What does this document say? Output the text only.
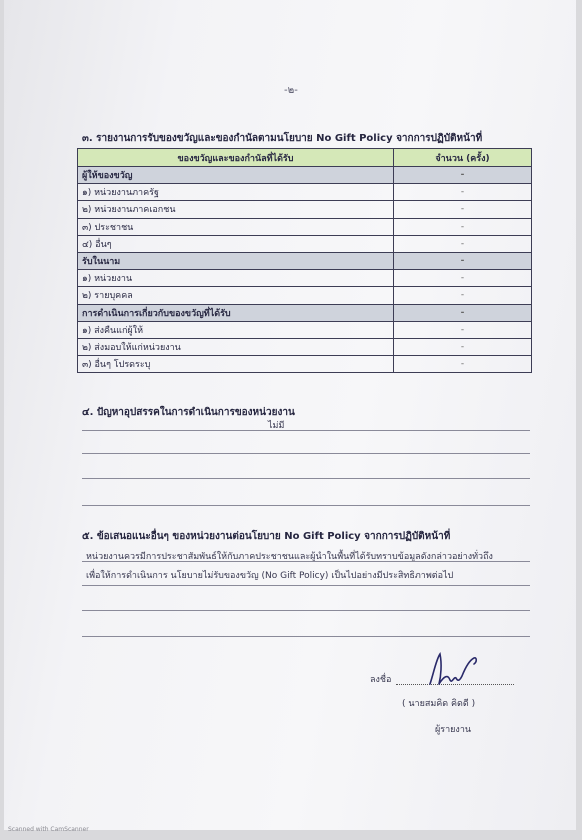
-๒-
๓. รายงานการรับของขวัญและของกำนัลตามนโยบาย No Gift Policy จากการปฏิบัติหน้าที่
ของขวัญและของกำนัลที่ได้รับ	จำนวน (ครั้ง)
ผู้ให้ของขวัญ	-
๑) หน่วยงานภาครัฐ	-
๒) หน่วยงานภาคเอกชน	-
๓) ประชาชน	-
๔) อื่นๆ	-
รับในนาม	-
๑) หน่วยงาน	-
๒) รายบุคคล	-
การดำเนินการเกี่ยวกับของขวัญที่ได้รับ	-
๑) ส่งคืนแก่ผู้ให้	-
๒) ส่งมอบให้แก่หน่วยงาน	-
๓) อื่นๆ โปรดระบุ	-
๔. ปัญหาอุปสรรคในการดำเนินการของหน่วยงาน
ไม่มี
๕. ข้อเสนอแนะอื่นๆ ของหน่วยงานต่อนโยบาย No Gift Policy จากการปฏิบัติหน้าที่
หน่วยงานควรมีการประชาสัมพันธ์ให้กับภาคประชาชนและผู้นำในพื้นที่ได้รับทราบข้อมูลดังกล่าวอย่างทั่วถึง
เพื่อให้การดำเนินการ นโยบายไม่รับของขวัญ (No Gift Policy) เป็นไปอย่างมีประสิทธิภาพต่อไป
ลงชื่อ
( นายสมคิด คิดดี )
ผู้รายงาน
Scanned with CamScanner
